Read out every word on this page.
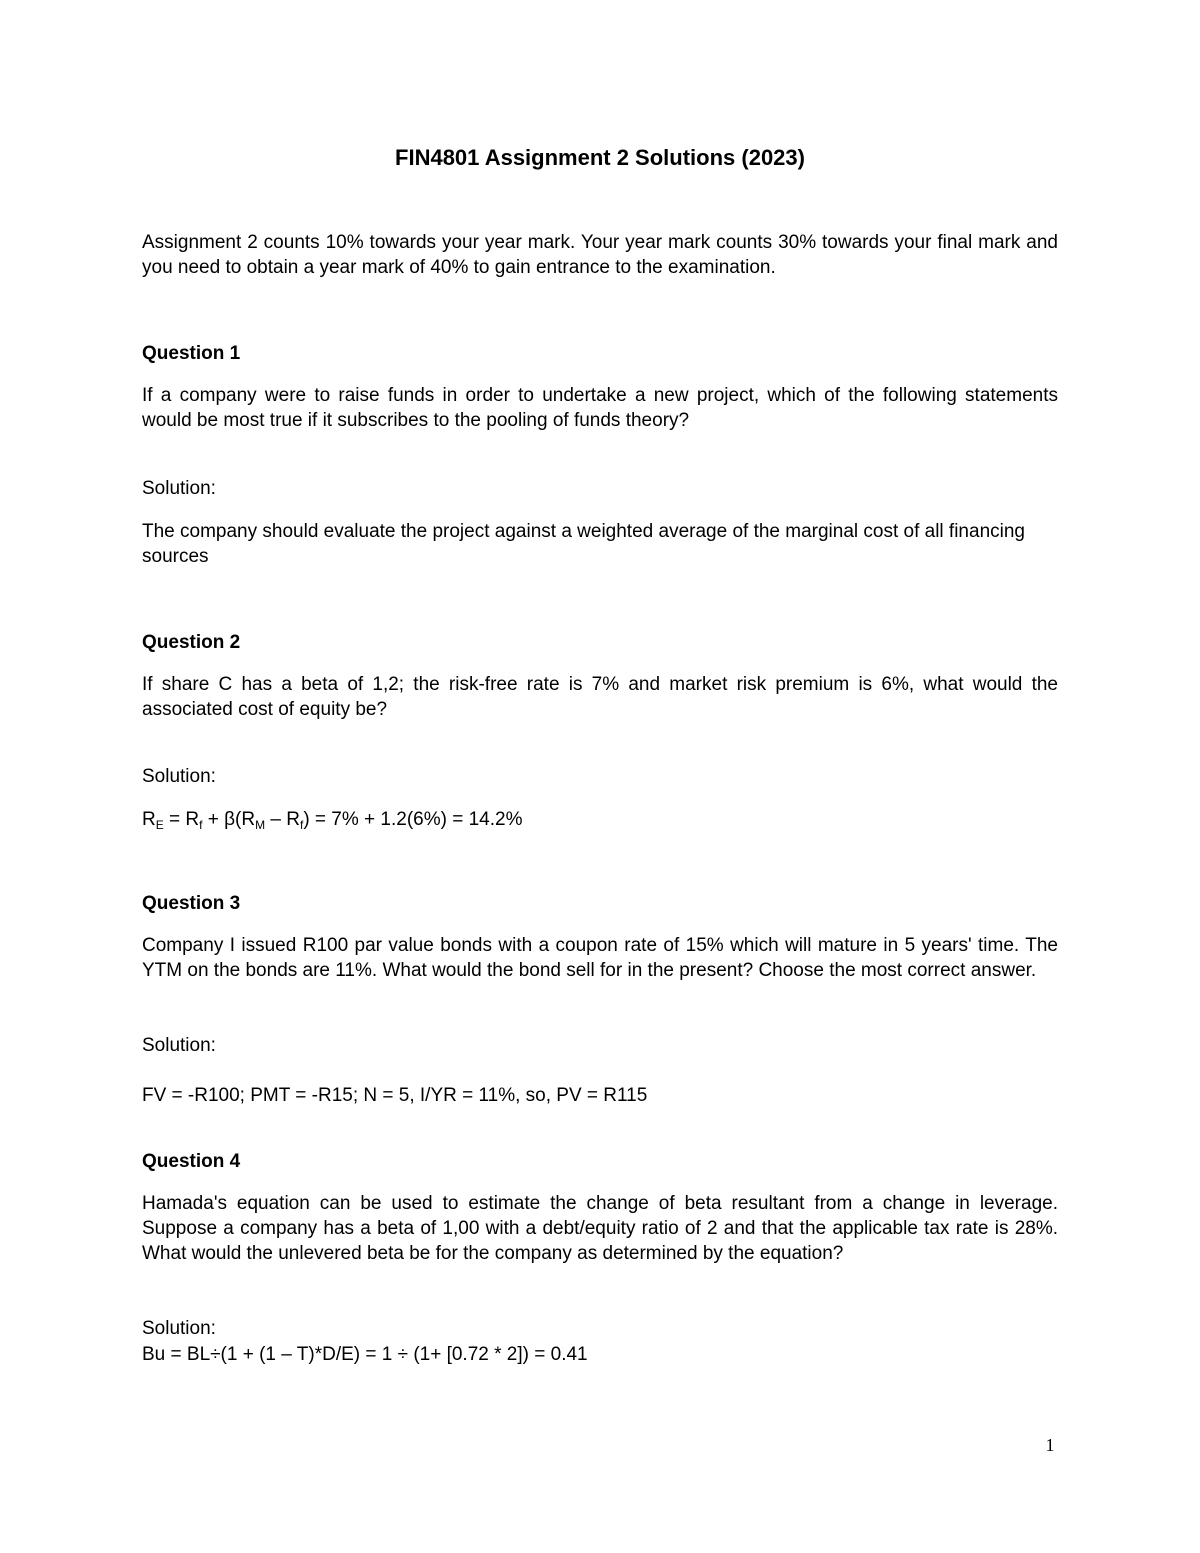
FIN4801 Assignment 2 Solutions (2023)

Assignment 2 counts 10% towards your year mark. Your year mark counts 30% towards your final mark and you need to obtain a year mark of 40% to gain entrance to the examination.

Question 1

If a company were to raise funds in order to undertake a new project, which of the following statements would be most true if it subscribes to the pooling of funds theory?

Solution:

The company should evaluate the project against a weighted average of the marginal cost of all financing sources

Question 2

If share C has a beta of 1,2; the risk-free rate is 7% and market risk premium is 6%, what would the associated cost of equity be?

Solution:

$R_E = R_f + \beta(R_M - R_f) = 7\% + 1.2(6\%) = 14.2\%$

Question 3

Company I issued R100 par value bonds with a coupon rate of 15% which will mature in 5 years' time. The YTM on the bonds are 11%. What would the bond sell for in the present? Choose the most correct answer.

Solution:

FV = -R100; PMT = -R15; N = 5, I/YR = 11%, so, PV = R115

Question 4

Hamada's equation can be used to estimate the change of beta resultant from a change in leverage. Suppose a company has a beta of 1,00 with a debt/equity ratio of 2 and that the applicable tax rate is 28%. What would the unlevered beta be for the company as determined by the equation?

Solution:

Bu = BL÷(1 + (1 – T)*D/E) = 1 ÷ (1+ [0.72 * 2]) = 0.41

1
